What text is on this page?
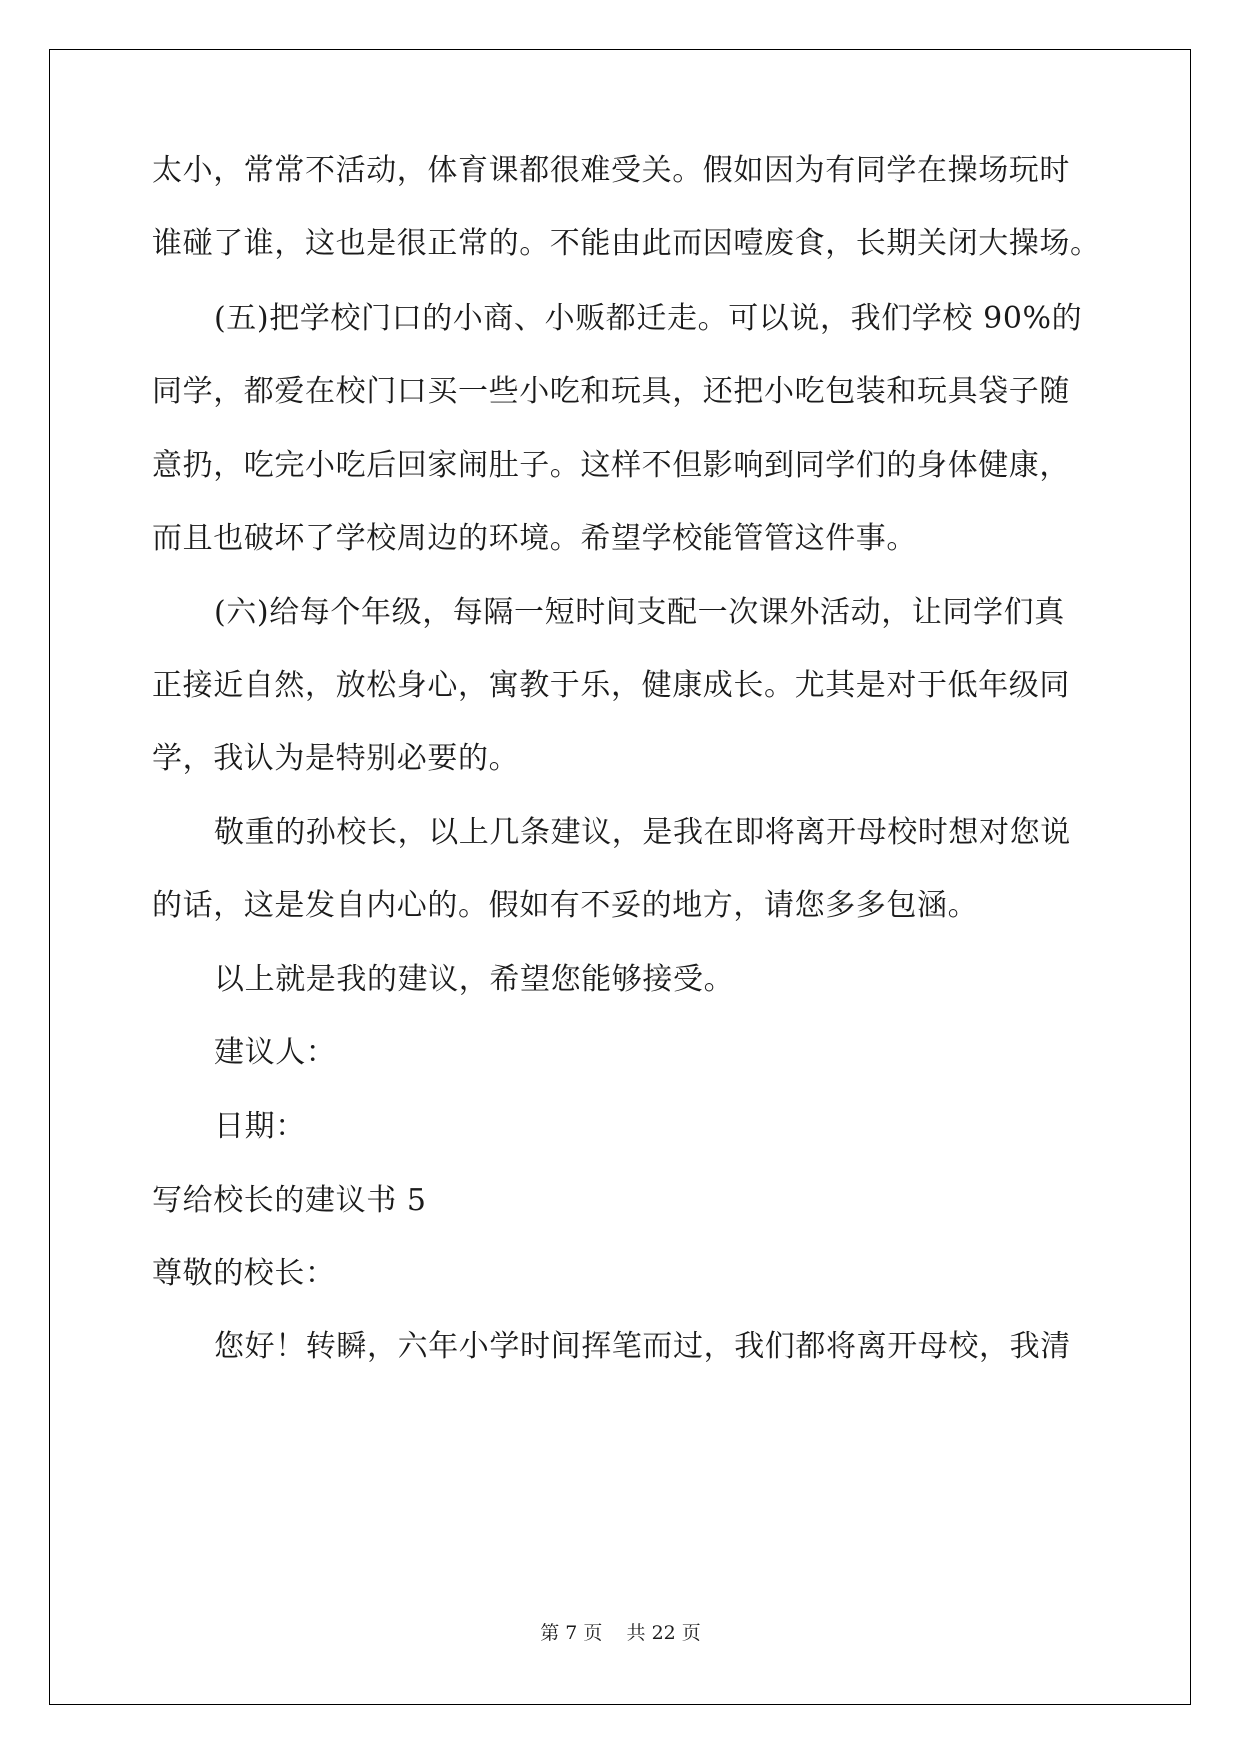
太小，常常不活动，体育课都很难受关。假如因为有同学在操场玩时
谁碰了谁，这也是很正常的。不能由此而因噎废食，长期关闭大操场。
(五)把学校门口的小商、小贩都迁走。可以说，我们学校 90%的
同学，都爱在校门口买一些小吃和玩具，还把小吃包装和玩具袋子随
意扔，吃完小吃后回家闹肚子。这样不但影响到同学们的身体健康，
而且也破坏了学校周边的环境。希望学校能管管这件事。
(六)给每个年级，每隔一短时间支配一次课外活动，让同学们真
正接近自然，放松身心，寓教于乐，健康成长。尤其是对于低年级同
学，我认为是特别必要的。
敬重的孙校长，以上几条建议，是我在即将离开母校时想对您说
的话，这是发自内心的。假如有不妥的地方，请您多多包涵。
以上就是我的建议，希望您能够接受。
建议人：
日期：
写给校长的建议书 5
尊敬的校长：
您好！转瞬，六年小学时间挥笔而过，我们都将离开母校，我清
第 7 页    共 22 页
